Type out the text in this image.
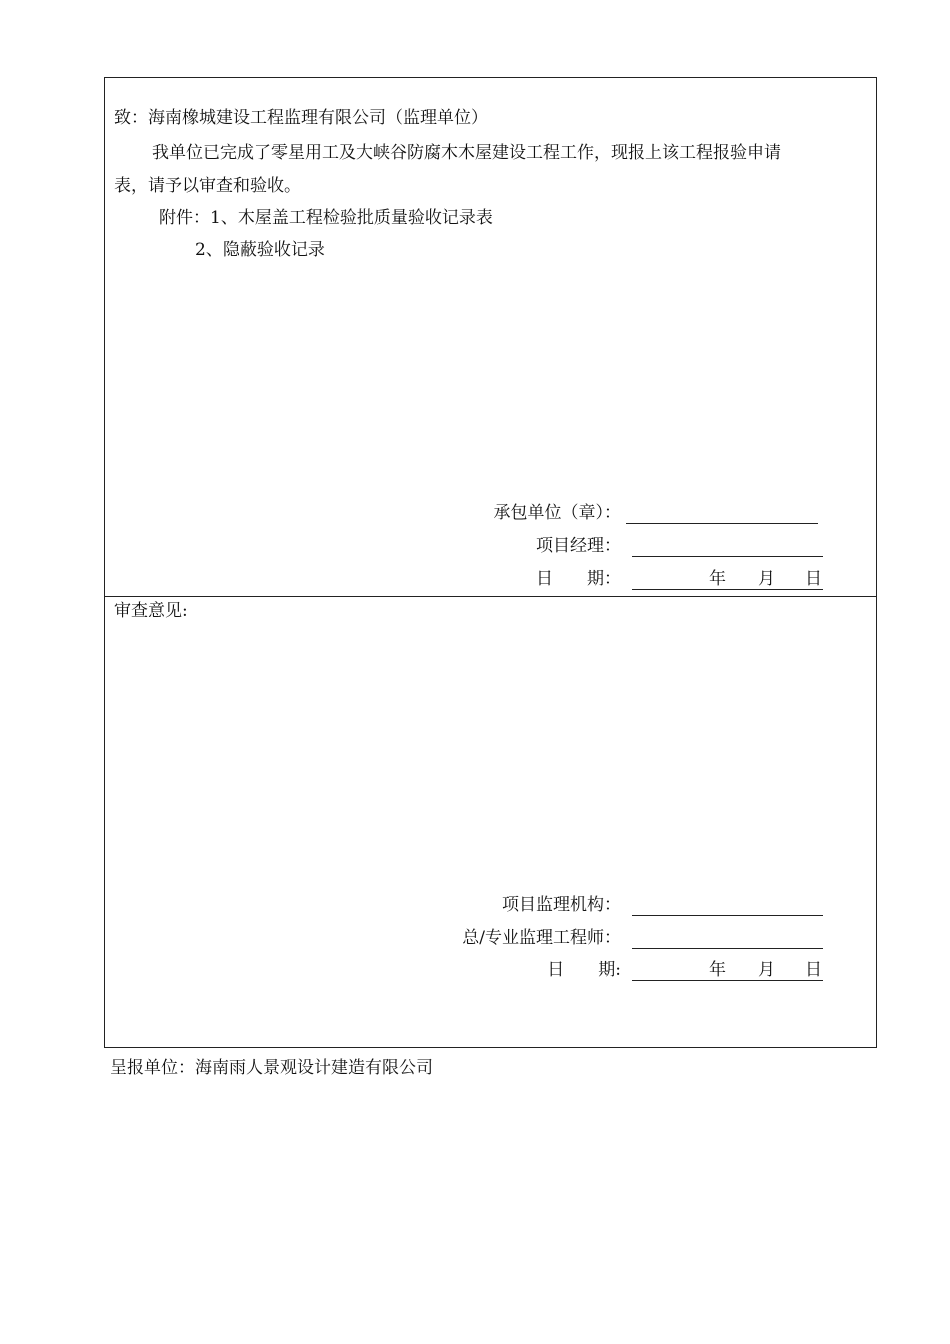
致：海南橡城建设工程监理有限公司（监理单位）
我单位已完成了零星用工及大峡谷防腐木木屋建设工程工作，现报上该工程报验申请
表，请予以审查和验收。
附件：1、木屋盖工程检验批质量验收记录表
2、隐蔽验收记录
承包单位（章）：
项目经理：
日　　期：	年 月 日
审查意见:
项目监理机构：
总/专业监理工程师：
日　　期:	年 月 日
呈报单位：海南雨人景观设计建造有限公司
